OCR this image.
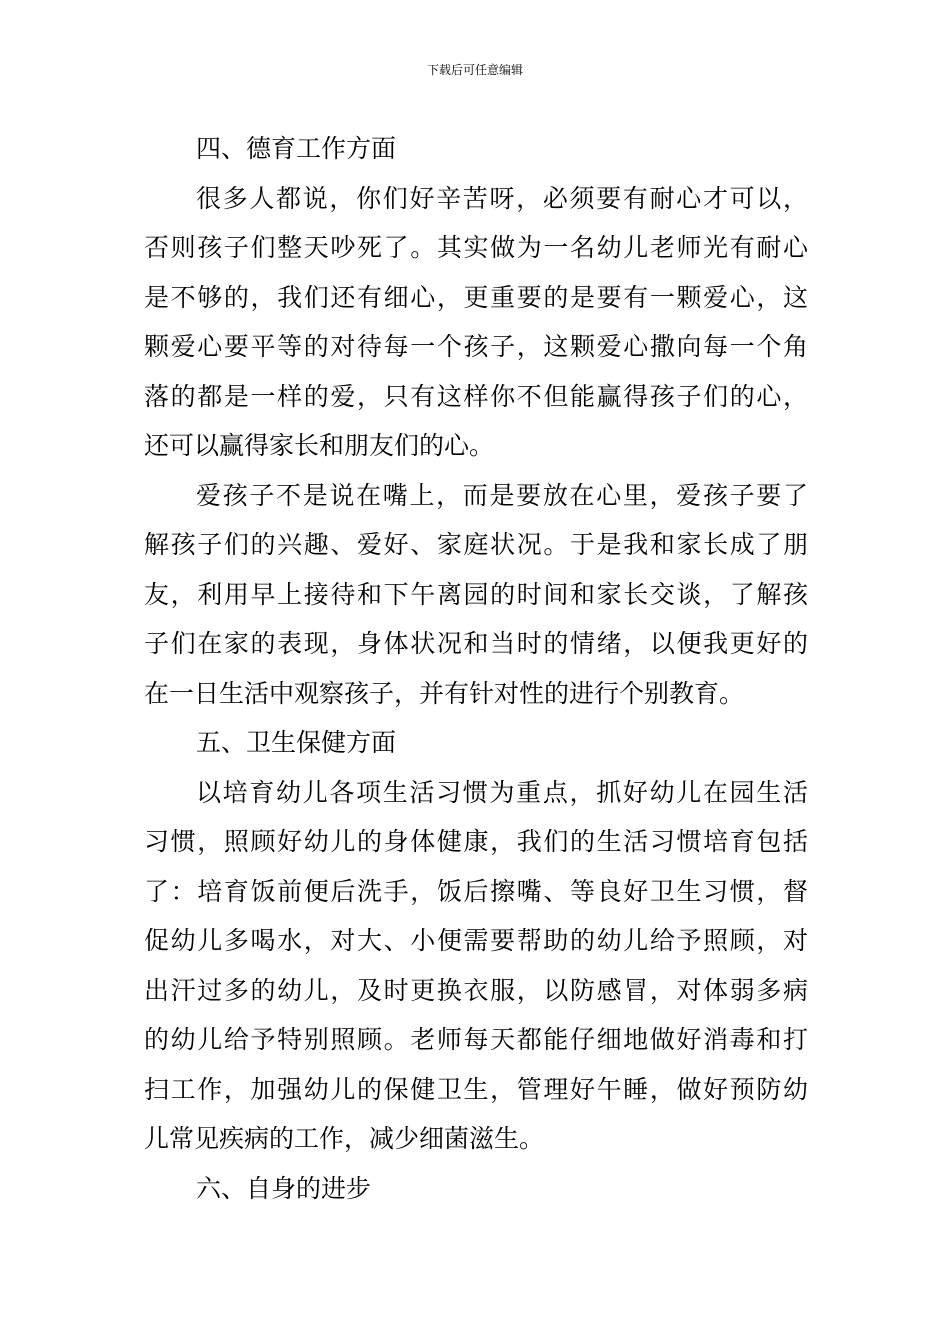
下载后可任意编辑
四、德育工作方面
很多人都说，你们好辛苦呀，必须要有耐心才可以，
否则孩子们整天吵死了。其实做为一名幼儿老师光有耐心
是不够的，我们还有细心，更重要的是要有一颗爱心，这
颗爱心要平等的对待每一个孩子，这颗爱心撒向每一个角
落的都是一样的爱，只有这样你不但能赢得孩子们的心，
还可以赢得家长和朋友们的心。
爱孩子不是说在嘴上，而是要放在心里，爱孩子要了
解孩子们的兴趣、爱好、家庭状况。于是我和家长成了朋
友，利用早上接待和下午离园的时间和家长交谈，了解孩
子们在家的表现，身体状况和当时的情绪，以便我更好的
在一日生活中观察孩子，并有针对性的进行个别教育。
五、卫生保健方面
以培育幼儿各项生活习惯为重点，抓好幼儿在园生活
习惯，照顾好幼儿的身体健康，我们的生活习惯培育包括
了：培育饭前便后洗手，饭后擦嘴、等良好卫生习惯，督
促幼儿多喝水，对大、小便需要帮助的幼儿给予照顾，对
出汗过多的幼儿，及时更换衣服，以防感冒，对体弱多病
的幼儿给予特别照顾。老师每天都能仔细地做好消毒和打
扫工作，加强幼儿的保健卫生，管理好午睡，做好预防幼
儿常见疾病的工作，减少细菌滋生。
六、自身的进步
